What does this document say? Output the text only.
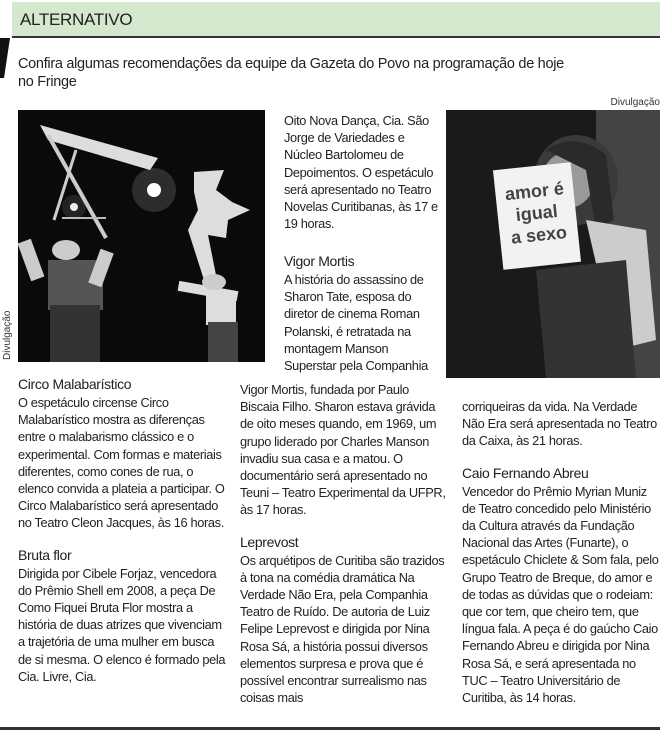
ALTERNATIVO
Confira algumas recomendações da equipe da Gazeta do Povo na programação de hoje no Fringe
Divulgação
Divulgação
amor é
igual
a sexo

Circo Malabarístico

O espetáculo circense Circo Malabarístico mostra as diferenças entre o malabarismo clássico e o experimental. Com formas e materiais diferentes, como cones de rua, o elenco convida a plateia a participar. O Circo Malabarístico será apresentado no Teatro Cleon Jacques, às 16 horas.

Bruta flor

Dirigida por Cibele Forjaz, vencedora do Prêmio Shell em 2008, a peça De Como Fiquei Bruta Flor mostra a história de duas atrizes que vivenciam a trajetória de uma mulher em busca de si mesma. O elenco é formado pela Cia. Livre, Cia.

Oito Nova Dança, Cia. São Jorge de Variedades e Núcleo Bartolomeu de Depoimentos. O espetáculo será apresentado no Teatro Novelas Curitibanas, às 17 e 19 horas.

Vigor Mortis

A história do assassino de Sharon Tate, esposa do diretor de cinema Roman Polanski, é retratada na montagem Manson Superstar pela Companhia

Vigor Mortis, fundada por Paulo Biscaia Filho. Sharon estava grávida de oito meses quando, em 1969, um grupo liderado por Charles Manson invadiu sua casa e a matou. O documentário será apresentado no Teuni – Teatro Experimental da UFPR, às 17 horas.

Leprevost

Os arquétipos de Curitiba são trazidos à tona na comédia dramática Na Verdade Não Era, pela Companhia Teatro de Ruído. De autoria de Luiz Felipe Leprevost e dirigida por Nina Rosa Sá, a história possui diversos elementos surpresa e prova que é possível encontrar surrealismo nas coisas mais

corriqueiras da vida. Na Verdade Não Era será apresentada no Teatro da Caixa, às 21 horas.

Caio Fernando Abreu

Vencedor do Prêmio Myrian Muniz de Teatro concedido pelo Ministério da Cultura através da Fundação Nacional das Artes (Funarte), o espetáculo Chiclete & Som fala, pelo Grupo Teatro de Breque, do amor e de todas as dúvidas que o rodeiam: que cor tem, que cheiro tem, que língua fala. A peça é do gaúcho Caio Fernando Abreu e dirigida por Nina Rosa Sá, e será apresentada no TUC – Teatro Universitário de Curitiba, às 14 horas.
